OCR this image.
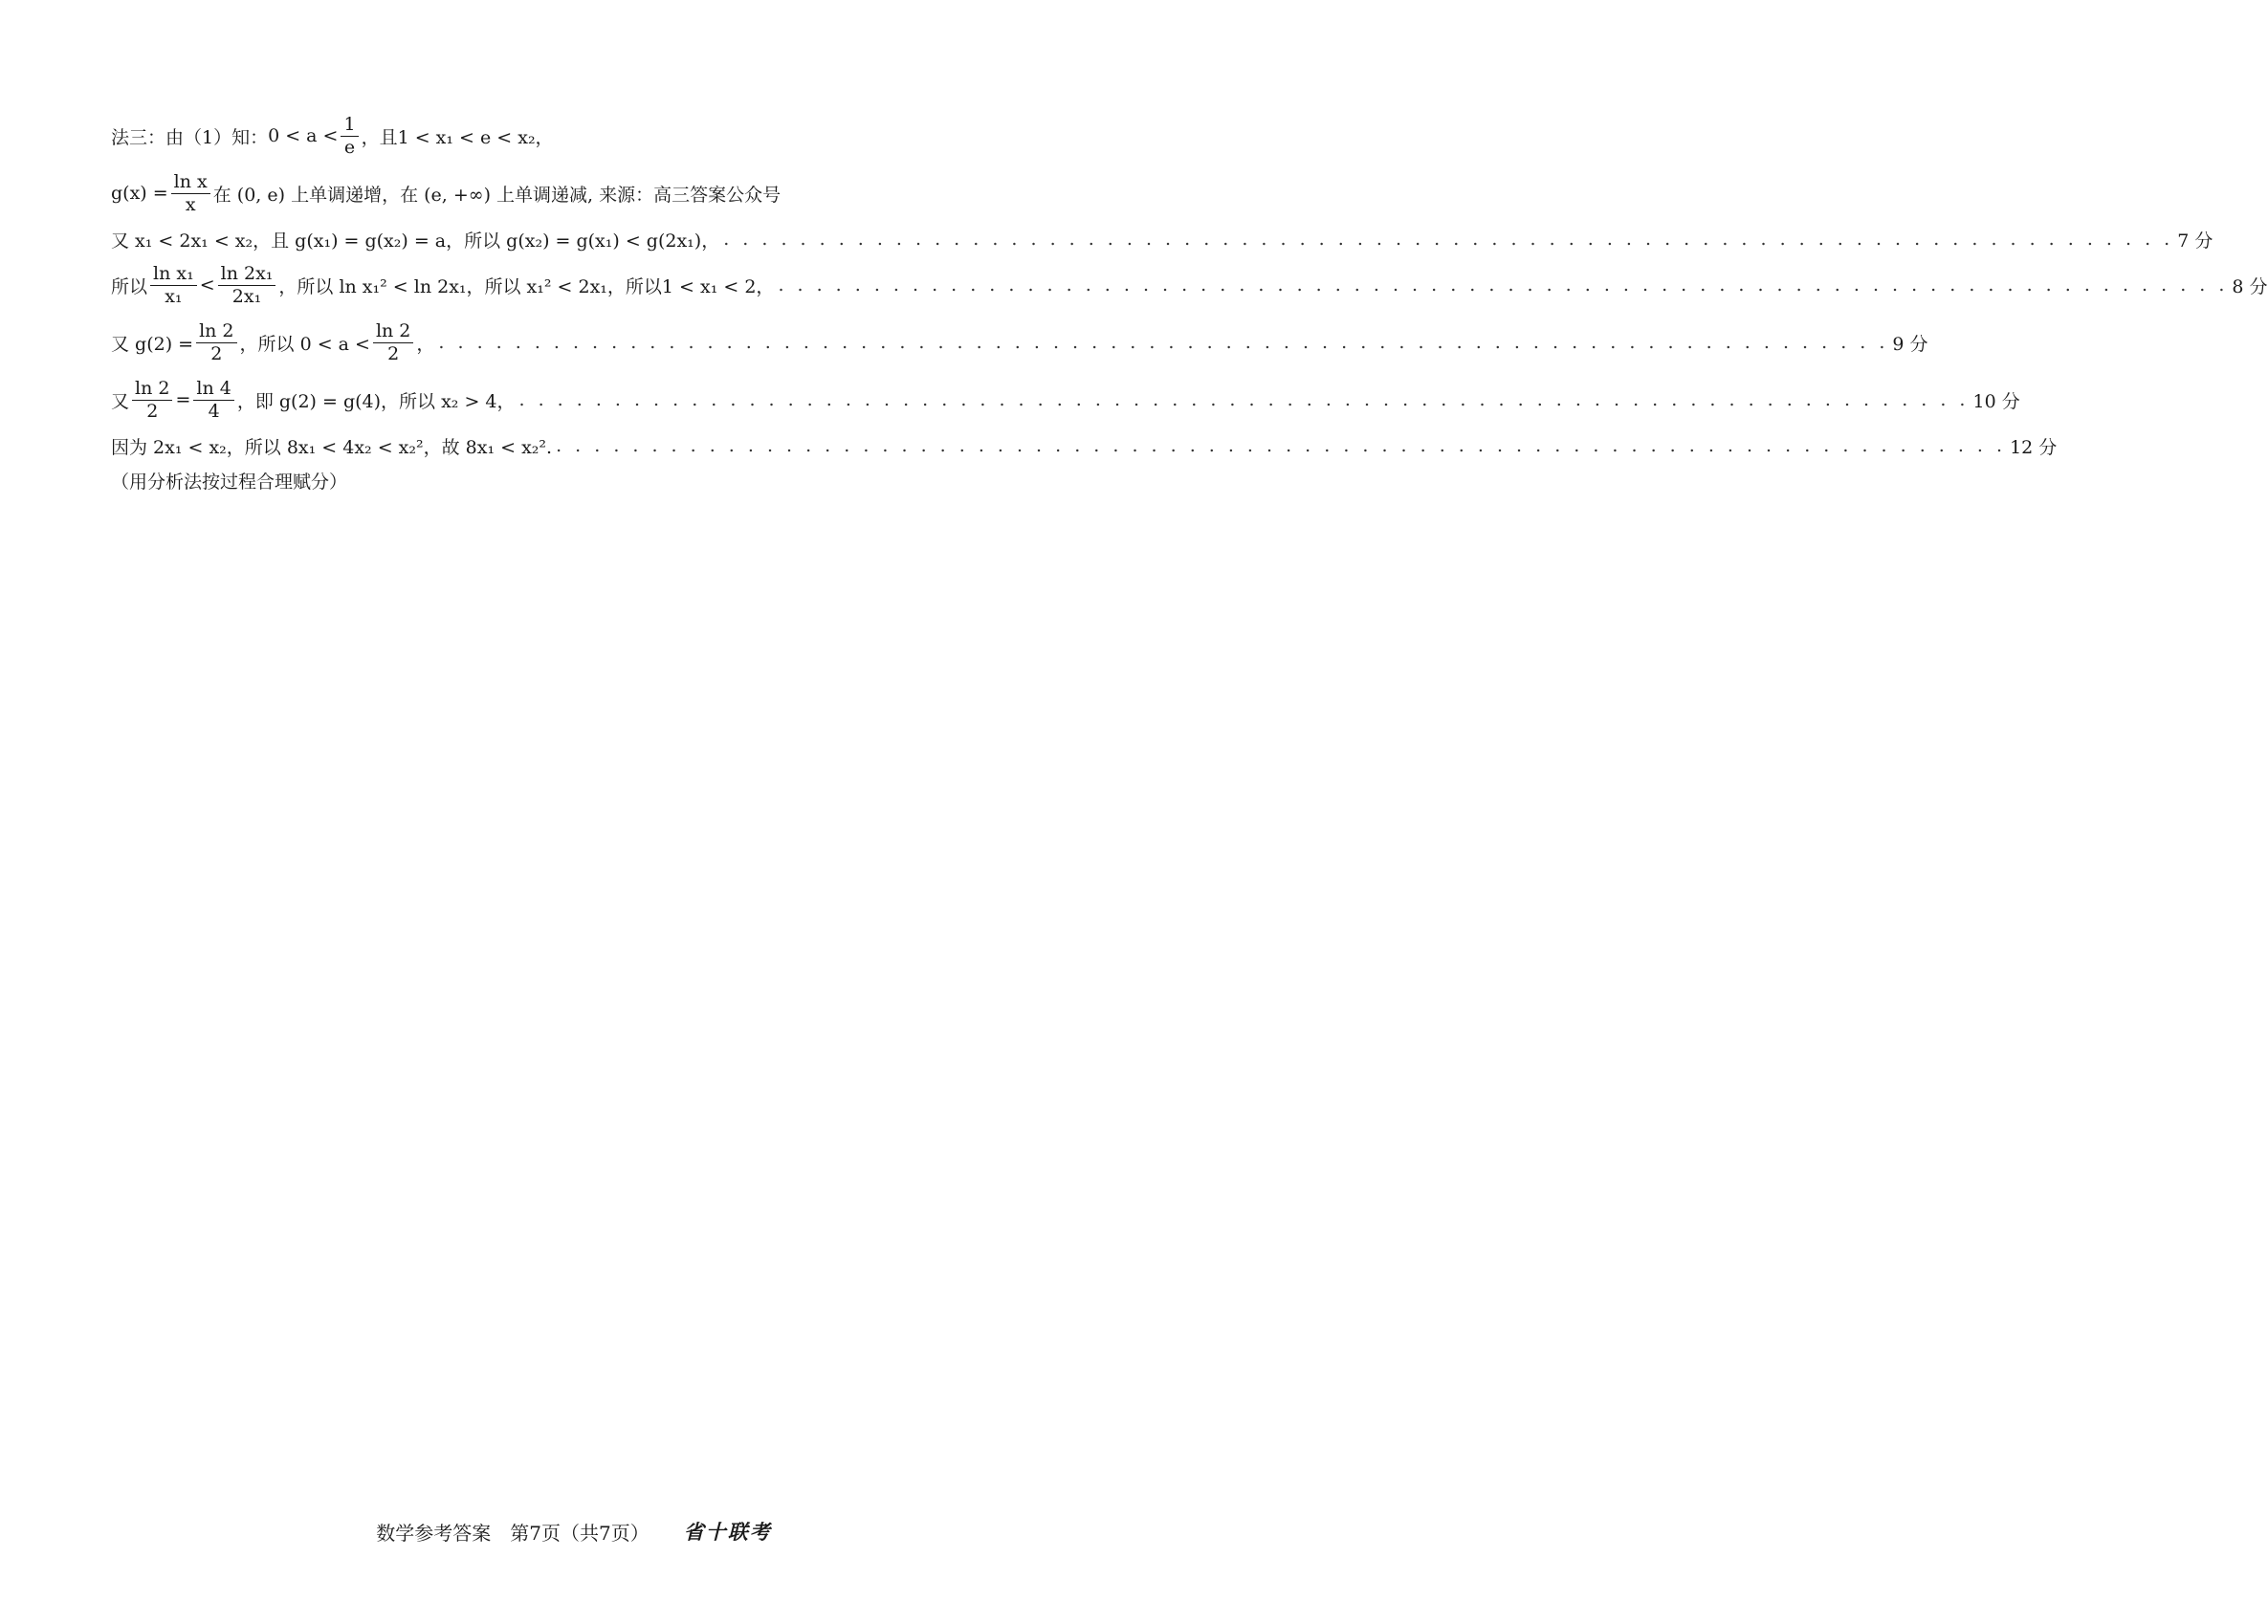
法三：由（1）知： $0 < a < \frac{1}{e}$ ，且1 < x₁ < e < x₂，
$g(x) = \frac{\text{ln x}}{x}$ 在 (0, e) 上单调递增，在 (e, +∞) 上单调递减, 来源：高三答案公众号
又 x₁ < 2x₁ < x₂，且 g(x₁) = g(x₂) = a，所以 g(x₂) = g(x₁) < g(2x₁)， . . . . . . . . . . . . . . . . . . . . . . . . . . . . . . . . . . . . . . . . . . . . . . . . . . . . . . . . . . . . . . . . . . . . . . . . . . . . 7 分
所以 $\frac{\text{ln x₁}}{\text{x₁}} < \frac{\text{ln 2x₁}}{\text{2x₁}}$ ，所以 ln x₁² < ln 2x₁，所以 x₁² < 2x₁，所以1 < x₁ < 2， . . . . . . . . . . . . . . . . . . . . . . . . . . . . . . . . . . . . . . . . . . . . . . . . . . . . . . . . . . . . . . . . . . . . . . . . . . . . 8 分
又 $g(2) = \frac{\ln 2}{2}$ ，所以 $0 < a < \frac{\ln 2}{2}$ ， . . . . . . . . . . . . . . . . . . . . . . . . . . . . . . . . . . . . . . . . . . . . . . . . . . . . . . . . . . . . . . . . . . . . . . . . . . . . 9 分
又 $\frac{\ln 2}{2} = \frac{\ln 4}{4}$ ，即 g(2) = g(4)，所以 x₂ > 4， . . . . . . . . . . . . . . . . . . . . . . . . . . . . . . . . . . . . . . . . . . . . . . . . . . . . . . . . . . . . . . . . . . . . . . . . . . . . 10 分
因为 2x₁ < x₂，所以 8x₁ < 4x₂ < x₂²，故 8x₁ < x₂². . . . . . . . . . . . . . . . . . . . . . . . . . . . . . . . . . . . . . . . . . . . . . . . . . . . . . . . . . . . . . . . . . . . . . . . . . . . . 12 分
（用分析法按过程合理赋分）
数学参考答案　第7页（共7页） 省十联考
